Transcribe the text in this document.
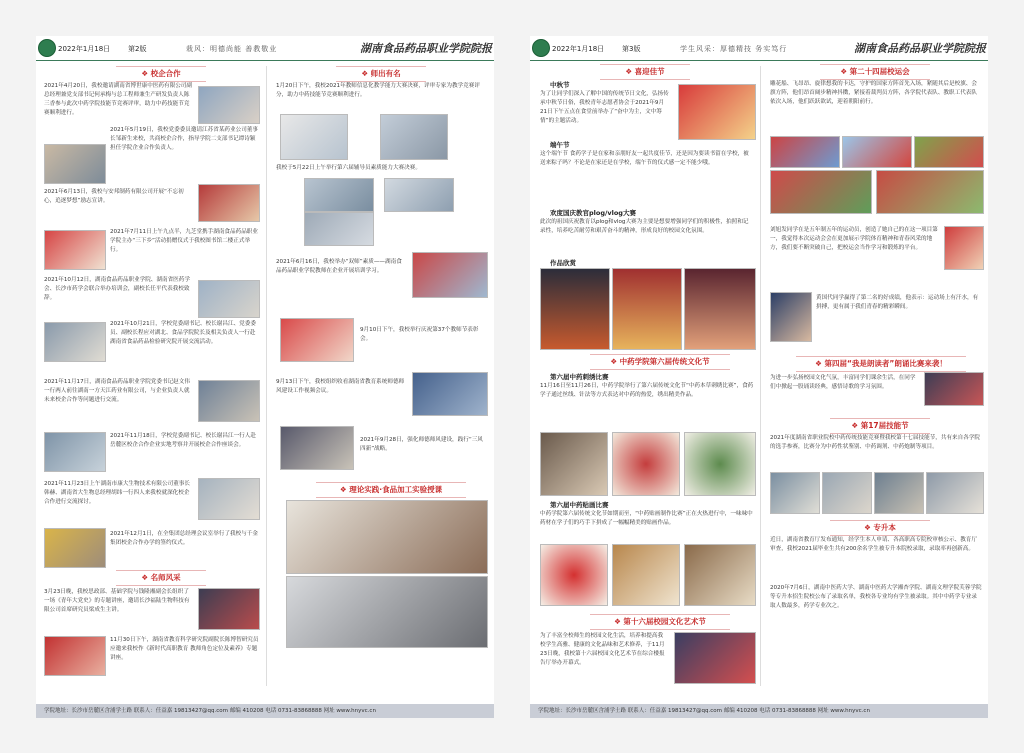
2022年1月18日	第2版	栽风：明德尚能 善教敬业	湖南食品药品职业学院院报
❖ 校企合作
2021年4月20日，我校邀请湖南省博世康中医药有限公司副总经理兼党支部书记何承梅与总工程师兼生产研发负责人陈三香参与此次中药学院技能节竞赛评审，助力中药技能节竞赛顺利进行。
2021年5月19日，我校党委委员邀请江苏省某药业公司董事长邹新生来校，共商校企合作，指导学院二支部书记谭诗颖担任学院企业合作负责人。
2021年6月13日，我校与安邦制药有限公司开展“不忘初心，追逐梦想”励志宣讲。
2021年7月11日上午九点半，九芝堂携手湖南食品药品职业学院主办“三下乡”活动捐赠仪式于我校图书馆二楼正式举行。
2021年10月12日，湖南食品药品职业学院、湖南省医药学会、长沙市药学会联合举办培训会，副校长任平代表我校致辞。
2021年10月21日，学校党委副书记、校长谢昌江、党委委员、副校长程应对湖北、食品学院院长及相关负责人一行赴湖南省食品药品检验研究院开展交流活动。
2021年11月17日，湖南食品药品职业学院党委书记赵文伟一行两人前往湖南一方天江药业有限公司，与企业负责人就未来校企合作等问题进行交流。
2021年11月18日，学校党委副书记、校长谢昌江一行人赴岳麓区校企合作企业实地考察并开展校企合作座谈会。
2021年11月23日上午湖南市康大生物技术有限公司董事长韩赫、湖南省大生物总经理胡纬一行四人来我校就深化校企合作进行交流探讨。
2021年12月1日，在全集团总经理会议室举行了我校与千金集团校企合作办学的签约仪式。
❖ 名师风采
3月23日晚，我校思政部、基础学院与钱隆湘副会长组织了一场《青年大党史》的专题讲座，邀请长沙福陆生物科技有限公司首席研究员梁成生主讲。
11月30日下午，湖南省教育科学研究院副院长陈博智研究员应邀来我校作《新时代高职教育 教师角色定位及素养》专题讲座。
❖ 师出有名
1月20日下午，我校2021年教师信息化教学能力大赛决赛，评审专家为教学竞赛评分，助力中药技能节竞赛顺利进行。
我校于5月22日上午举行第六届辅导员素质能力大赛决赛。
2021年6月16日，我校举办“双师”素质——湖南食品药品职业学院教师在企业开展培训学习。
9月10日下午，我校举行庆祝第37个教师节表彰会。
9月13日下午，我校组织收看湖南省教育系统师德师风建设工作视频会议。
2021年9月28日，强化师德师风建设，践行“三风四新”战略。
❖ 理论实践·食品加工实验授课
学院地址：长沙市岳麓区含浦学士路 联系人：任益嘉 19813427@qq.com 邮编 410208 电话 0731-83868888 网址 www.hnyvc.cn
2022年1月18日	第3版	学生风采：厚德精技 务实笃行	湖南食品药品职业学院院报
❖ 喜迎佳节
中秋节
为了让同学们深入了解中国的传统节日文化，弘扬传承中秋节日俗，我校青年志愿者协会于2021年9月21日下午五点在食堂前举办了“奋中为主，文中筹情”的主题活动。
端午节
这个端午节 食药学子是在家和亲朋好友一起共度佳节，还是因为要读书留在学校，被送来粽子吗？不论是在家还是在学校，端午节的仪式感一定不能少哦。
欢度国庆教官plog/vlog大赛
此次的祖国庆祝教育以plog和vlog大赛为主要是想要增强同学们的积极性，拍照和记录性，培养吃苦耐劳和艰苦奋斗的精神，形成良好的校园文化氛围。
作品欣赏
❖ 中药学院第六届传统文化节
第六届中药刺绣比赛
11月16日至11月26日，中药学院举行了第六届传统文化节“中药本草刺绣比赛”，食药学子通过丝线、针法等方式表达对中药的热爱，绣出精美作品。
第六届中药贴画比赛
中药学院第六届传统文化节如期而至，“中药贴画制作比赛”正在火热进行中，一味味中药材在学子们的巧手下拼成了一幅幅精美的贴画作品。
❖ 第十六届校园文化艺术节
为了丰富全校师生的校园文化生活，培养和提高我校学生高雅、健康的文化品味和艺术修养，于11月23日晚，我校第十六届校园文化艺术节在综合楼报告厅举办开幕式。
❖ 第二十四届校运会
雕花船、飞昂昂、旋律想我的卡达，守护的国家方阵首先入场，紧随其后是校旗、会旗方阵，他们昂首阔步精神抖擞，紧接着裁判员方阵，各学院代表队、教职工代表队依次入场，他们跃跃欲试，迎着朝阳前行。
刘旭发同学在是五年制五年的运动员，创造了她自己的在这一项目第一，我觉得本次运动会会在更加展示学院体育精神和青春风采的地方，我们要不断突破自己，把校运会当作学习和锻炼的平台。
黄国代同学赢得了第二名的好成绩，他表示：运动场上有汗水，有拼搏，更有属于我们青春的精彩瞬间。
❖ 第四届“我是朗读者”朗诵比赛来袭！
为进一步弘扬校园文化气氛，丰富同学们课余生活，在同学们中掀起一股诵读经典，感悟诗歌的学习氛围。
❖ 第17届技能节
2021年度湖南省职业院校中药传统技能竞赛暨我校第十七届技能节，共有来自各学院的选手参赛，比赛分为中药性状鉴别、中药调剂、中药炮制等项目。
❖ 专升本
近日，湖南省教育厅发布通知，经学生本人申请、各高职高专院校审核公示、教育厅审查，我校2021届毕业生共有200余名学生被专升本院校录取，录取率再创新高。
2020年7月6日，湖南中医药大学、湖南中医药大学湘杏学院、湖南文理学院芙蓉学院等专升本招生院校公布了录取名单，我校各专业均有学生被录取。其中中药学专业录取人数最多，药学专业次之。
学院地址：长沙市岳麓区含浦学士路 联系人：任益嘉 19813427@qq.com 邮编 410208 电话 0731-83868888 网址 www.hnyvc.cn
